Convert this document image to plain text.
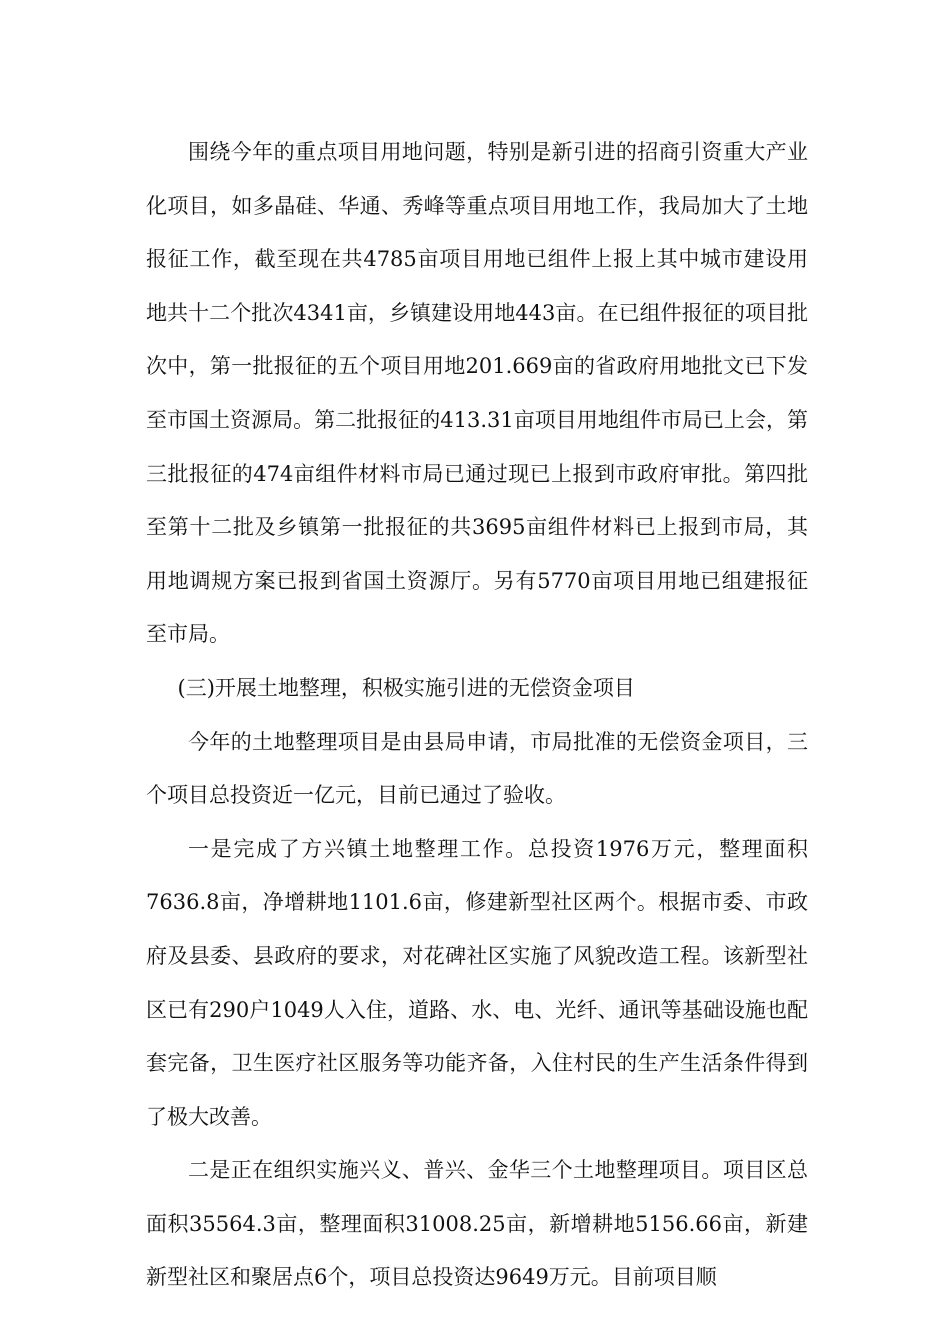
围绕今年的重点项目用地问题，特别是新引进的招商引资重大产业化项目，如多晶硅、华通、秀峰等重点项目用地工作，我局加大了土地报征工作，截至现在共4785亩项目用地已组件上报上其中城市建设用地共十二个批次4341亩，乡镇建设用地443亩。在已组件报征的项目批次中，第一批报征的五个项目用地201.669亩的省政府用地批文已下发至市国土资源局。第二批报征的413.31亩项目用地组件市局已上会，第三批报征的474亩组件材料市局已通过现已上报到市政府审批。第四批至第十二批及乡镇第一批报征的共3695亩组件材料已上报到市局，其用地调规方案已报到省国土资源厅。另有5770亩项目用地已组建报征至市局。

(三)开展土地整理，积极实施引进的无偿资金项目

今年的土地整理项目是由县局申请，市局批准的无偿资金项目，三个项目总投资近一亿元，目前已通过了验收。

一是完成了方兴镇土地整理工作。总投资1976万元，整理面积7636.8亩，净增耕地1101.6亩，修建新型社区两个。根据市委、市政府及县委、县政府的要求，对花碑社区实施了风貌改造工程。该新型社区已有290户1049人入住，道路、水、电、光纤、通讯等基础设施也配套完备，卫生医疗社区服务等功能齐备，入住村民的生产生活条件得到了极大改善。

二是正在组织实施兴义、普兴、金华三个土地整理项目。项目区总面积35564.3亩，整理面积31008.25亩，新增耕地5156.66亩，新建新型社区和聚居点6个，项目总投资达9649万元。目前项目顺
